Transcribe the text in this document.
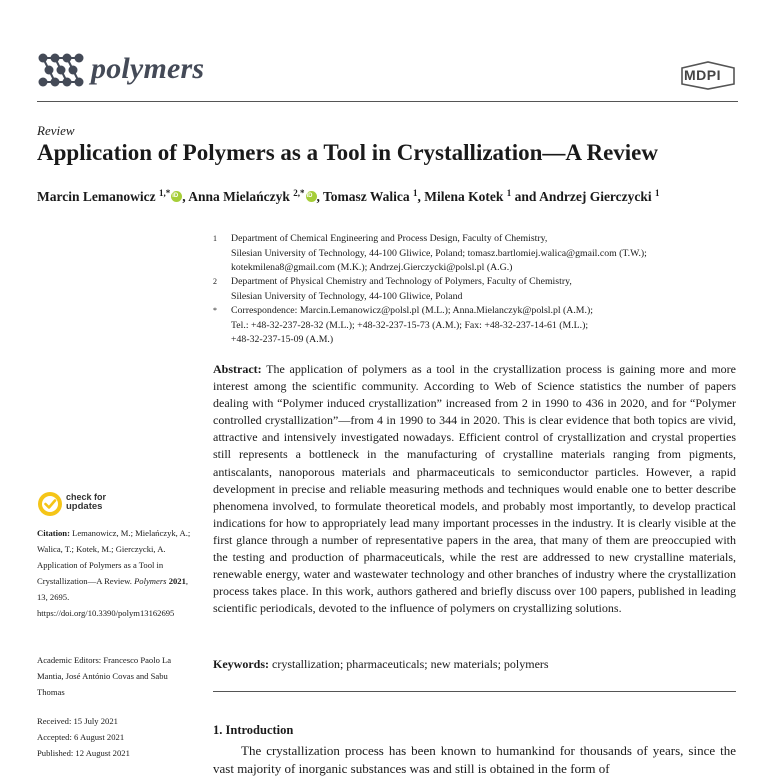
polymers	MDPI
Review
Application of Polymers as a Tool in Crystallization—A Review
Marcin Lemanowicz $^{1,*}$ iD , Anna Mielańczyk $^{2,*}$ iD , Tomasz Walica $^1$, Milena Kotek $^1$ and Andrzej Gierczycki $^1$
1 Department of Chemical Engineering and Process Design, Faculty of Chemistry,
Silesian University of Technology, 44-100 Gliwice, Poland; tomasz.bartlomiej.walica@gmail.com (T.W.);
kotekmilena8@gmail.com (M.K.); Andrzej.Gierczycki@polsl.pl (A.G.)
2 Department of Physical Chemistry and Technology of Polymers, Faculty of Chemistry,
Silesian University of Technology, 44-100 Gliwice, Poland
* Correspondence: Marcin.Lemanowicz@polsl.pl (M.L.); Anna.Mielanczyk@polsl.pl (A.M.);
Tel.: +48-32-237-28-32 (M.L.); +48-32-237-15-73 (A.M.); Fax: +48-32-237-14-61 (M.L.);
+48-32-237-15-09 (A.M.)
Abstract: The application of polymers as a tool in the crystallization process is gaining more and more interest among the scientific community. According to Web of Science statistics the number of papers dealing with “Polymer induced crystallization” increased from 2 in 1990 to 436 in 2020, and for “Polymer controlled crystallization”—from 4 in 1990 to 344 in 2020. This is clear evidence that both topics are vivid, attractive and intensively investigated nowadays. Efficient control of crystallization and crystal properties still represents a bottleneck in the manufacturing of crystalline materials ranging from pigments, antiscalants, nanoporous materials and pharmaceuticals to semiconductor particles. However, a rapid development in precise and reliable measuring methods and techniques would enable one to better describe phenomena involved, to formulate theoretical models, and probably most importantly, to develop practical indications for how to appropriately lead many important processes in the industry. It is clearly visible at the first glance through a number of representative papers in the area, that many of them are preoccupied with the testing and production of pharmaceuticals, while the rest are addressed to new crystalline materials, renewable energy, water and wastewater technology and other branches of industry where the crystallization process takes place. In this work, authors gathered and briefly discuss over 100 papers, published in leading scientific periodicals, devoted to the influence of polymers on crystallizing solutions.
Keywords: crystallization; pharmaceuticals; new materials; polymers
check for
updates
Citation: Lemanowicz, M.; Mielańczyk, A.; Walica, T.; Kotek, M.; Gierczycki, A. Application of Polymers as a Tool in Crystallization—A Review. Polymers 2021, 13, 2695. https://doi.org/10.3390/polym13162695
Academic Editors: Francesco Paolo La Mantia, José António Covas and Sabu Thomas
Received: 15 July 2021
Accepted: 6 August 2021
Published: 12 August 2021
1. Introduction
The crystallization process has been known to humankind for thousands of years, since the vast majority of inorganic substances was and still is obtained in the form of
